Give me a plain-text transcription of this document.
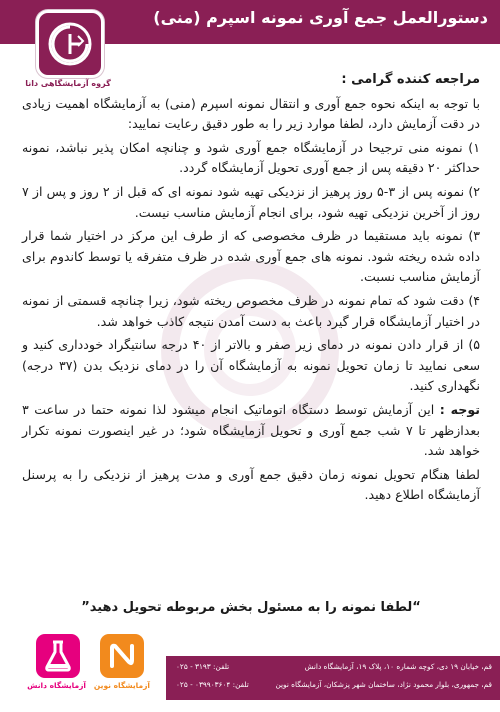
دستورالعمل جمع آوری نمونه اسپرم (منی)
گروه آزمایشگاهی دانا	مراجعه کننده گرامی :

با توجه به اینکه نحوه جمع آوری و انتقال نمونه اسپرم (منی) به آزمایشگاه اهمیت زیادی در دقت آزمایش دارد، لطفا موارد زیر را به طور دقیق رعایت نمایید:

۱) نمونه منی ترجیحا در آزمایشگاه جمع آوری شود و چنانچه امکان پذیر نباشد، نمونه حداکثر ۲۰ دقیقه پس از جمع آوری تحویل آزمایشگاه گردد.

۲) نمونه پس از ۳-۵ روز پرهیز از نزدیکی تهیه شود نمونه ای که قبل از ۲ روز و پس از ۷ روز از آخرین نزدیکی تهیه شود، برای انجام آزمایش مناسب نیست.

۳) نمونه باید مستقیما در ظرف مخصوصی که از طرف این مرکز در اختیار شما قرار داده شده ریخته شود. نمونه های جمع آوری شده در ظرف متفرقه یا توسط کاندوم برای آزمایش مناسب نسبت.

۴) دقت شود که تمام نمونه در ظرف مخصوص ریخته شود، زیرا چنانچه قسمتی از نمونه در اختیار آزمایشگاه قرار گیرد باعث به دست آمدن نتیجه کاذب خواهد شد.

۵) از قرار دادن نمونه در دمای زیر صفر و بالاتر از ۴۰ درجه سانتیگراد خودداری کنید و سعی نمایید تا زمان تحویل نمونه به آزمایشگاه آن را در دمای نزدیک بدن (۳۷ درجه) نگهداری کنید.

توجه : این آزمایش توسط دستگاه اتوماتیک انجام میشود لذا نمونه حتما در ساعت ۳ بعدازظهر تا ۷ شب جمع آوری و تحویل آزمایشگاه شود؛ در غیر اینصورت نمونه تکرار خواهد شد.

لطفا هنگام تحویل نمونه زمان دقیق جمع آوری و مدت پرهیز از نزدیکی را به پرسنل آزمایشگاه اطلاع دهید.

“لطفا نمونه را به مسئول بخش مربوطه تحویل دهید”
قم، خیابان ۱۹ دی، کوچه شماره ۱۰، پلاک ۱۹، آزمایشگاه دانش
تلفن: ۳۱۹۳ - ۰۲۵
قم، جمهوری، بلوار محمود نژاد، ساختمان شهر پزشکان، آزمایشگاه نوین
تلفن: ۰۳۹۹۰۳۶۰۴ - ۰۲۵
آزمایشگاه نوین
آزمایشگاه دانش
